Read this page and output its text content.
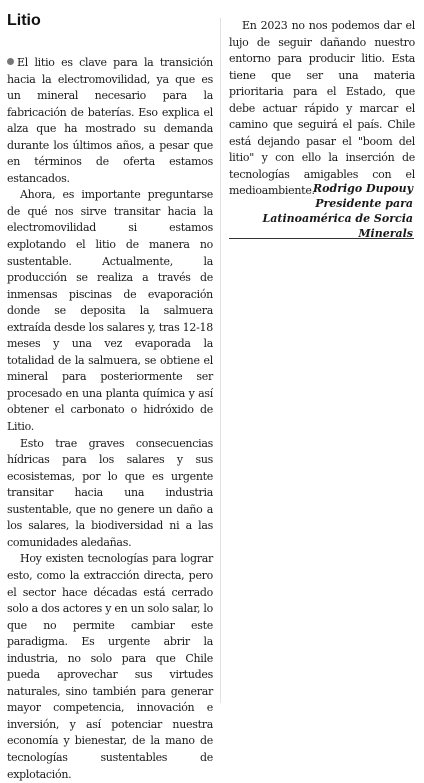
Litio

El litio es clave para la transición hacia la electromovilidad, ya que es un mineral necesario para la fabricación de baterías. Eso explica el alza que ha mostrado su demanda durante los últimos años, a pesar que en términos de oferta estamos estancados.

Ahora, es importante preguntarse de qué nos sirve transitar hacia la electromovilidad si estamos explotando el litio de manera no sustentable. Actualmente, la producción se realiza a través de inmensas piscinas de evaporación donde se deposita la salmuera extraída desde los salares y, tras 12-18 meses y una vez evaporada la totalidad de la salmuera, se obtiene el mineral para posteriormente ser procesado en una planta química y así obtener el carbonato o hidróxido de Litio.

Esto trae graves consecuencias hídricas para los salares y sus ecosistemas, por lo que es urgente transitar hacia una industria sustentable, que no genere un daño a los salares, la biodiversidad ni a las comunidades aledañas.

Hoy existen tecnologías para lograr esto, como la extracción directa, pero el sector hace décadas está cerrado solo a dos actores y en un solo salar, lo que no permite cambiar este paradigma. Es urgente abrir la industria, no solo para que Chile pueda aprovechar sus virtudes naturales, sino también para generar mayor competencia, innovación e inversión, y así potenciar nuestra economía y bienestar, de la mano de tecnologías sustentables de explotación.

En 2023 no nos podemos dar el lujo de seguir dañando nuestro entorno para producir litio. Esta tiene que ser una materia prioritaria para el Estado, que debe actuar rápido y marcar el camino que seguirá el país. Chile está dejando pasar el "boom del litio" y con ello la inserción de tecnologías amigables con el medioambiente.

Rodrigo Dupouy
Presidente para Latinoamérica de Sorcia Minerals
